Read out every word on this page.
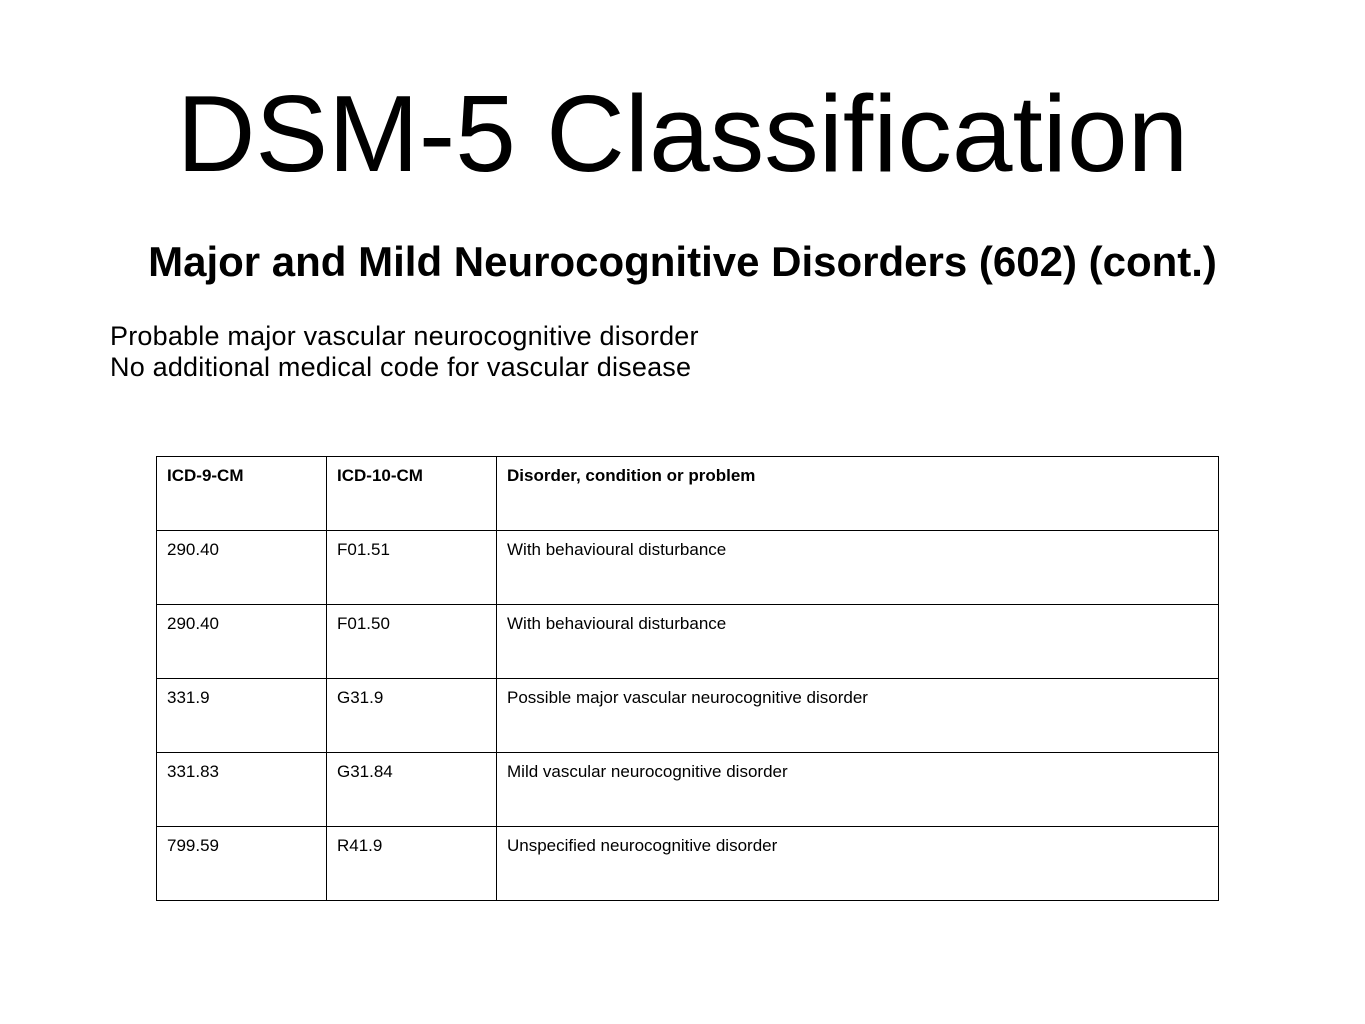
DSM-5 Classification
Major and Mild Neurocognitive Disorders (602) (cont.)
Probable major vascular neurocognitive disorder
No additional medical code for vascular disease
ICD-9-CM	ICD-10-CM	Disorder, condition or problem
290.40	F01.51	With behavioural disturbance
290.40	F01.50	With behavioural disturbance
331.9	G31.9	Possible major vascular neurocognitive disorder
331.83	G31.84	Mild vascular neurocognitive disorder
799.59	R41.9	Unspecified neurocognitive disorder
